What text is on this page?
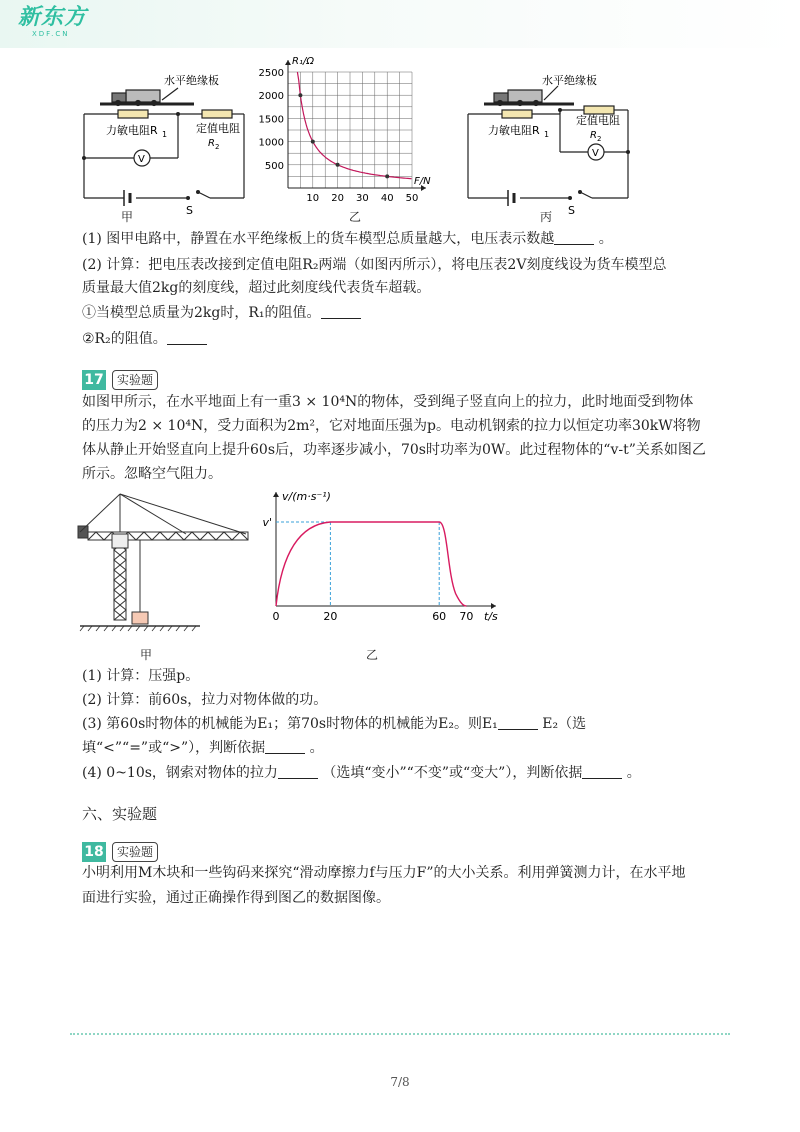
新东方
XDF.CN
水平绝缘板
力敏电阻R 1	定值电阻
R 2
V
S
甲
10 20 30 40 50
500
1000
1500
2000
2500
R₁/Ω
F/N
乙
水平绝缘板
力敏电阻R 1
定值电阻
R 2
V
S
丙
(1) 图甲电路中，静置在水平绝缘板上的货车模型总质量越大，电压表示数越	。
(2) 计算：把电压表改接到定值电阻R₂两端（如图丙所示），将电压表2V刻度线设为货车模型总
质量最大值2kg的刻度线，超过此刻度线代表货车超载。
①当模型总质量为2kg时，R₁的阻值。
②R₂的阻值。
17	实验题
如图甲所示，在水平地面上有一重3 × 10⁴N的物体，受到绳子竖直向上的拉力，此时地面受到物体
的压力为2 × 10⁴N，受力面积为2m²，它对地面压强为p。电动机钢索的拉力以恒定功率30kW将物
体从静止开始竖直向上提升60s后，功率逐步减小，70s时功率为0W。此过程物体的“v-t”关系如图乙
所示。忽略空气阻力。
甲
v/(m·s⁻¹)
t/s
0	20	60 70
v'
乙
(1) 计算：压强p。
(2) 计算：前60s，拉力对物体做的功。
(3) 第60s时物体的机械能为E₁；第70s时物体的机械能为E₂。则E₁	E₂（选
填“<”“=”或“>”），判断依据	。
(4) 0~10s，钢索对物体的拉力	（选填“变小”“不变”或“变大”），判断依据	。
六、实验题
18	实验题
小明利用M木块和一些钩码来探究“滑动摩擦力f与压力F”的大小关系。利用弹簧测力计，在水平地
面进行实验，通过正确操作得到图乙的数据图像。
7/8
